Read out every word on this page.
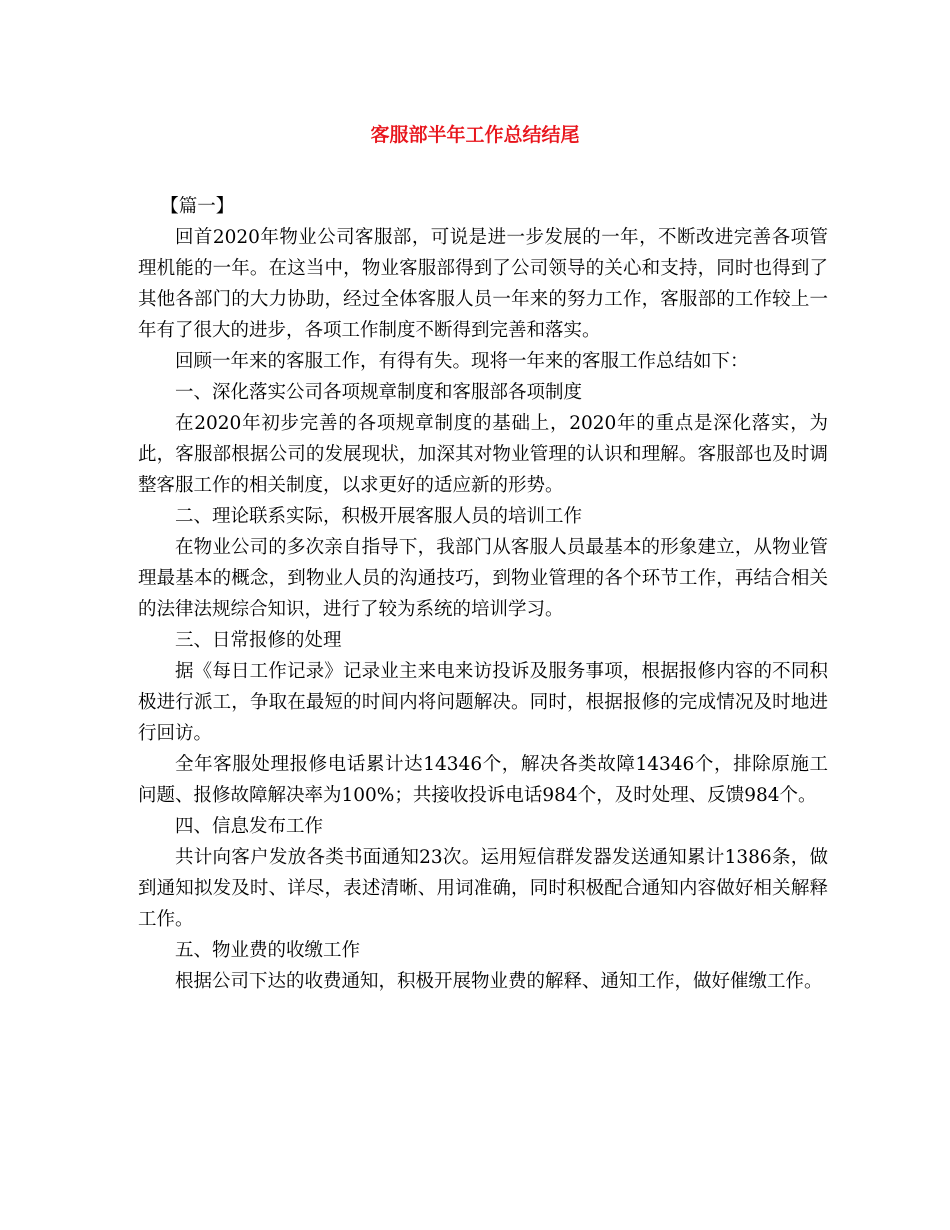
客服部半年工作总结结尾

【篇一】

回首2020年物业公司客服部，可说是进一步发展的一年，不断改进完善各项管理机能的一年。在这当中，物业客服部得到了公司领导的关心和支持，同时也得到了其他各部门的大力协助，经过全体客服人员一年来的努力工作，客服部的工作较上一年有了很大的进步，各项工作制度不断得到完善和落实。

回顾一年来的客服工作，有得有失。现将一年来的客服工作总结如下：

一、深化落实公司各项规章制度和客服部各项制度

在2020年初步完善的各项规章制度的基础上，2020年的重点是深化落实，为此，客服部根据公司的发展现状，加深其对物业管理的认识和理解。客服部也及时调整客服工作的相关制度，以求更好的适应新的形势。

二、理论联系实际，积极开展客服人员的培训工作

在物业公司的多次亲自指导下，我部门从客服人员最基本的形象建立，从物业管理最基本的概念，到物业人员的沟通技巧，到物业管理的各个环节工作，再结合相关的法律法规综合知识，进行了较为系统的培训学习。

三、日常报修的处理

据《每日工作记录》记录业主来电来访投诉及服务事项，根据报修内容的不同积极进行派工，争取在最短的时间内将问题解决。同时，根据报修的完成情况及时地进行回访。

全年客服处理报修电话累计达14346个，解决各类故障14346个，排除原施工问题、报修故障解决率为100%；共接收投诉电话984个，及时处理、反馈984个。

四、信息发布工作

共计向客户发放各类书面通知23次。运用短信群发器发送通知累计1386条，做到通知拟发及时、详尽，表述清晰、用词准确，同时积极配合通知内容做好相关解释工作。

五、物业费的收缴工作

根据公司下达的收费通知，积极开展物业费的解释、通知工作，做好催缴工作。
